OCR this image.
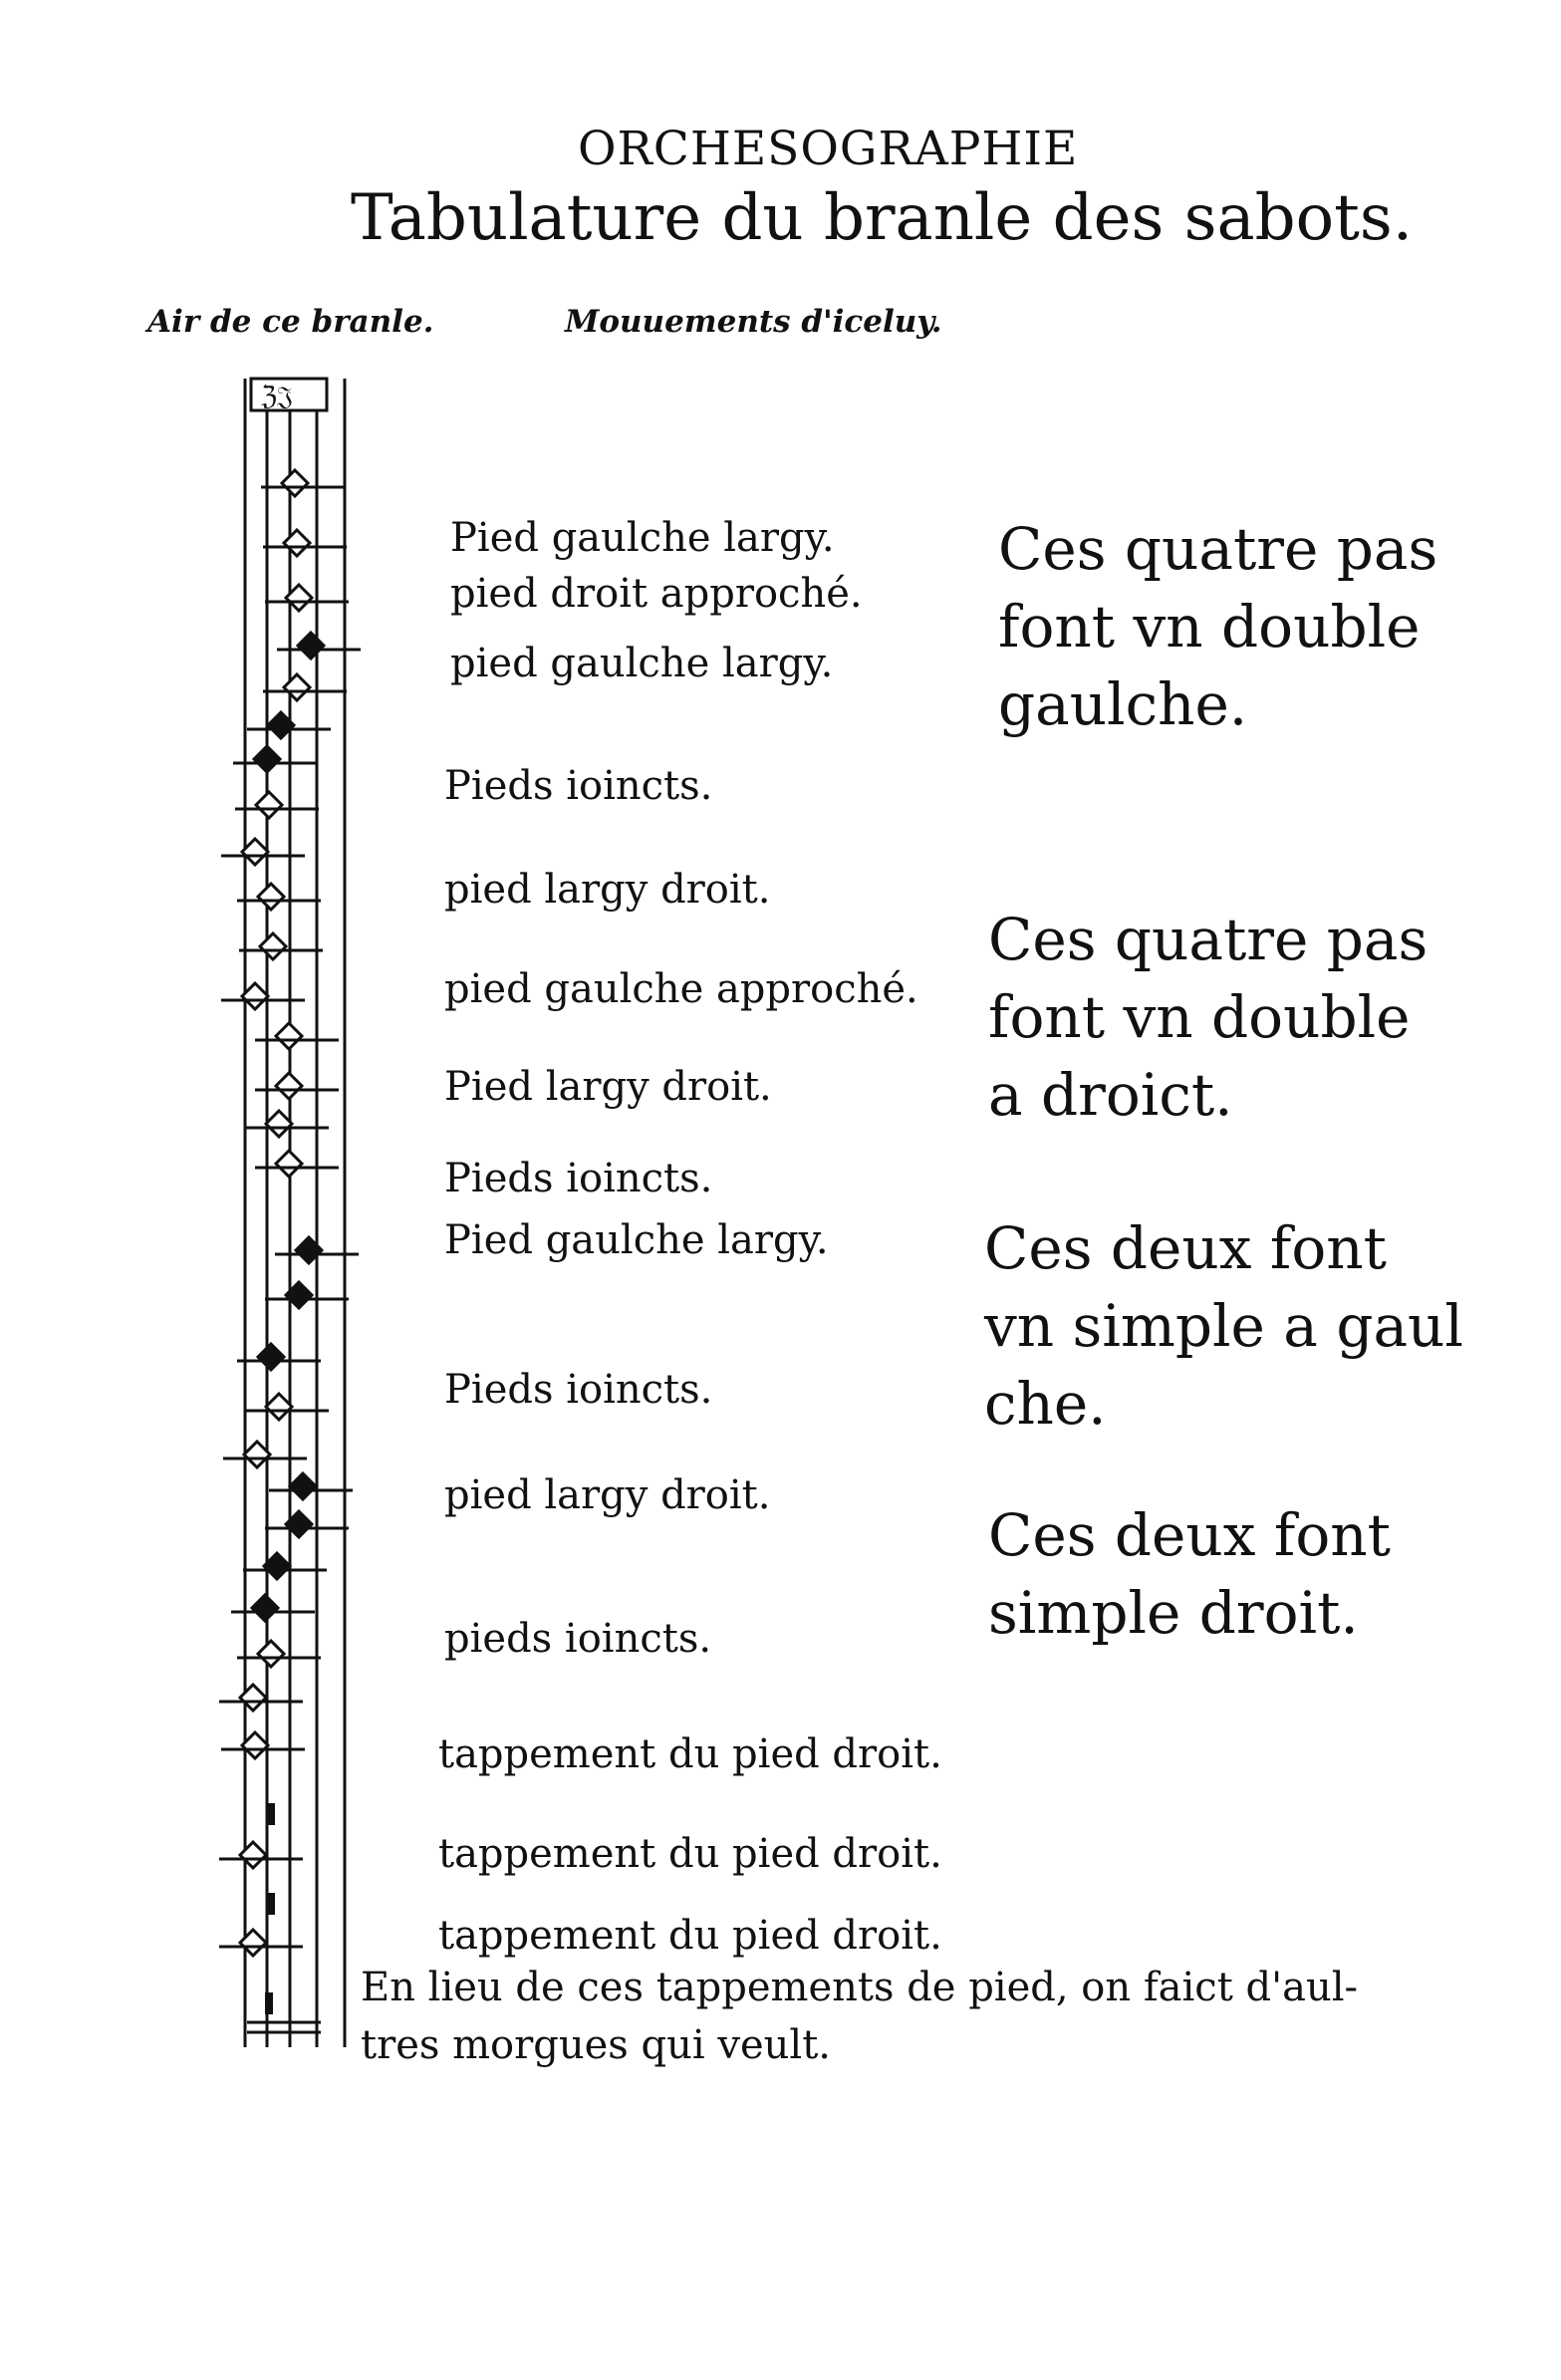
ORCHESOGRAPHIE
Tabulature du branle des sabots.
Air de ce branle.	Mouuements d'iceluy.
ℨ𝔍
Pied gaulche largy.
pied droit approché.
pied gaulche largy.
Pieds ioincts.
pied largy droit.
pied gaulche approché.
Pied largy droit.
Pieds ioincts.
Pied gaulche largy.
Pieds ioincts.
pied largy droit.
pieds ioincts.
tappement du pied droit.
tappement du pied droit.
tappement du pied droit.
Ces quatre pas
font vn double
gaulche.
Ces quatre pas
font vn double
a droict.
Ces deux font
vn simple a gaul
che.
Ces deux font
simple droit.
En lieu de ces tappements de pied, on faict d'aul-
tres morgues qui veult.
